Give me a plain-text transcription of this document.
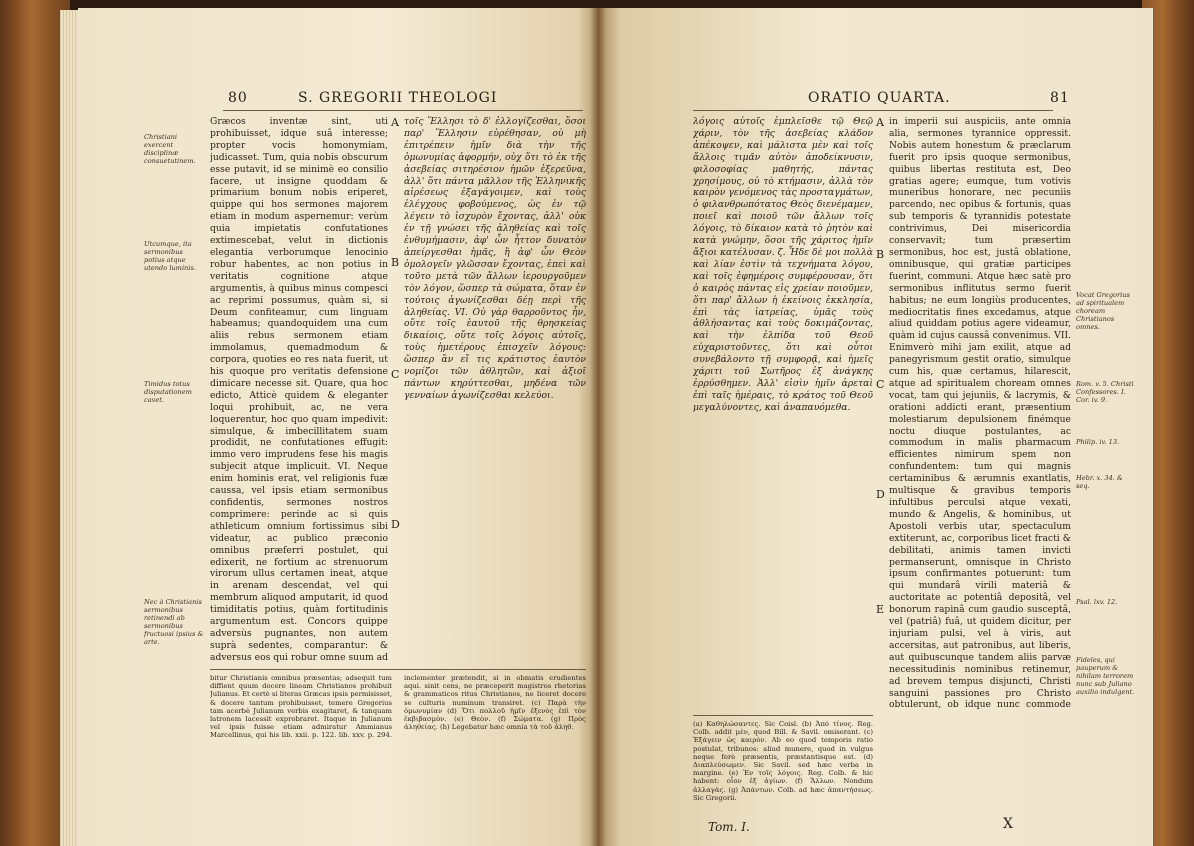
80	S. GREGORII THEOLOGI
Christiani exercent disciplinæ consuetutinem.
Utcumque, ita sermonibus potius atque utendo luminis.
Timidus totus disputationem cavet.
Nec à Christianis sermonibus retinendi ab sermonibus fructuosi ipsius & arte.
Græcos inventæ sint, uti prohibuisset, idque suâ interesse; propter vocis homonymiam, judicasset. Tum, quia nobis obscurum esse putavit, id se minimè eo consilio facere, ut insigne quoddam & primarium bonum nobis eriperet, quippe qui hos sermones majorem etiam in modum aspernemur: verùm quia impietatis confutationes extimescebat, velut in dictionis elegantia verborumque lenocinio robur habentes, ac non potius in veritatis cognitione atque argumentis, à quibus minus compesci ac reprimi possumus, quàm si, si Deum confiteamur, cum linguam habeamus; quandoquidem una cum aliis rebus sermonem etiam immolamus, quemadmodum & corpora, quoties eo res nata fuerit, ut his quoque pro veritatis defensione dimicare necesse sit. Quare, qua hoc edicto, Atticè quidem & eleganter loqui prohibuit, ac, ne vera loquerentur, hoc quo quam impedivit: simulque, & imbecillitatem suam prodidit, ne confutationes effugit: immo vero imprudens fese his magis subjecit atque implicuit. VI. Neque enim hominis erat, vel religionis fuæ caussa, vel ipsis etiam sermonibus confidentis, sermones nostros comprimere: perinde ac si quis athleticum omnium fortissimus sibi videatur, ac publico præconio omnibus præferri postulet, qui edixerit, ne fortium ac strenuorum virorum ullus certamen ineat, atque in arenam descendat, vel qui membrum aliquod amputarit, id quod timiditatis potius, quàm fortitudinis argumentum est. Concors quippe adversùs pugnantes, non autem suprà sedentes, comparantur: & adversus eos qui robur omne suum ad
A
B
C
D
τοῖς Ἕλλησι τὸ δ' ἐλλογίζεσθαι, ὅσοι παρ' Ἕλλησιν εὑρέθησαν, οὐ μὴ ἐπιτρέπειν ἡμῖν διὰ τὴν τῆς ὁμωνυμίας ἀφορμήν, οὐχ ὅτι τὸ ἐκ τῆς ἀσεβείας σιτηρέσιον ἡμῶν ἐξερεῦνα, ἀλλ' ὅτι πάντα μᾶλλον τῆς Ἑλληνικῆς αἱρέσεως ἐξαγάγοιμεν, καὶ τοὺς ἐλέγχους φοβούμενος, ὡς ἐν τῷ λέγειν τὸ ἰσχυρὸν ἔχοντας, ἀλλ' οὐκ ἐν τῇ γνώσει τῆς ἀληθείας καὶ τοῖς ἐνθυμήμασιν, ἀφ' ὧν ἧττον δυνατὸν ἀπείργεσθαι ἡμᾶς, ἢ ἀφ' ὧν Θεὸν ὁμολογεῖν γλῶσσαν ἔχοντας, ἐπεὶ καὶ τοῦτο μετὰ τῶν ἄλλων ἱερουργοῦμεν τὸν λόγον, ὥσπερ τὰ σώματα, ὅταν ἐν τούτοις ἀγωνίζεσθαι δέῃ περὶ τῆς ἀληθείας. VI. Οὐ γὰρ θαρροῦντος ἦν, οὔτε τοῖς ἑαυτοῦ τῆς θρησκείας δικαίοις, οὔτε τοῖς λόγοις αὐτοῖς, τοὺς ἡμετέρους ἐπισχεῖν λόγους: ὥσπερ ἂν εἴ τις κράτιστος ἑαυτὸν νομίζοι τῶν ἀθλητῶν, καὶ ἀξιοῖ πάντων κηρύττεσθαι, μηδένα τῶν γενναίων ἀγωνίζεσθαι κελεύοι.
bitur Christianis omnibus præsentas; adsequit tum diffient quum docere lineam Christianos prohibuit Julianus. Et certè si literas Græcas ipsis permisisset, & docere tantum prohibuisset, temere Gregorius tam acerbè Julianum verbis exagitaret, & tanquam latronem lacessit exprobraret. Itaque in Julianum vel ipsis fuisse etiam admiratur Ammianus Marcellinus, qui his lib. xxii. p. 122. lib. xxv. p. 294. inclementer prætendit, si in obmatis erudientes aqui. sinit cens, ne præceperit magistros rhetorias & grammaticos ritus Christianos, ne liceret docere se culturis numinum transiret. (c) Παρὰ τὴν ὁμωνυμίαν (d) Ὅτι πολλοῦ ἡμῖν ἐξενὸς ἐπὶ τὸν ἐκβιβασμὸν. (e) Θεὸν. (f) Σώματα. (g) Πρὸς ἀληθείας. (h) Legebatur hæc omnia τὰ τοῦ ἀληθ.
ORATIO QUARTA.	81
λόγοις αὐτοῖς ἐμπλεῖσθε τῷ Θεῷ χάριν, τὸν τῆς ἀσεβείας κλάδον ἀπέκοψεν, καὶ μάλιστα μὲν καὶ τοῖς ἄλλοις τιμᾶν αὐτὸν ἀποδείκνυσιν, φιλοσοφίας μαθητής, πάντας χρησίμους, οὐ τὸ κτήμασιν, ἀλλὰ τὸν καιρὸν γενόμενος τὰς προσταγμάτων, ὁ φιλανθρωπότατος Θεὸς διενέμαμεν, ποιεῖ καὶ ποιοῦ τῶν ἄλλων τοῖς λόγοις, τὸ δίκαιον κατὰ τὸ ῥητὸν καὶ κατὰ γνώμην, ὅσοι τῆς χάριτος ἡμῖν ἄξιοι κατέλυσαν. ζ. Ἧδε δὲ μοι πολλὰ καὶ λίαν ἐστὶν τὰ τεχνήματα λόγου, καὶ τοῖς ἐφημέροις συμφέρουσαν, ὅτι ὁ καιρὸς πάντας εἰς χρείαν ποιοῦμεν, ὅτι παρ' ἄλλων ἡ ἐκείνοις ἐκκλησία, ἐπὶ τὰς ἰατρείας, ὑμᾶς τοὺς ἀθλήσαντας καὶ τοὺς δοκιμάζοντας, καὶ τὴν ἐλπίδα τοῦ Θεοῦ εὐχαριστοῦντες, ὅτι καὶ οὗτοι συνεβάλοντο τῇ συμφορᾷ, καὶ ἡμεῖς χάριτι τοῦ Σωτῆρος ἐξ ἀνάγκης ἐρρύσθημεν. Ἀλλ' εἰσὶν ἡμῖν ἀρεταὶ ἐπὶ ταῖς ἡμέραις, τὸ κράτος τοῦ Θεοῦ μεγαλύνοντες, καὶ ἀναπαυόμεθα.
A
B
C
D
E
in imperii sui auspiciis, ante omnia alia, sermones tyrannice oppressit. Nobis autem honestum & præclarum fuerit pro ipsis quoque sermonibus, quibus libertas restituta est, Deo gratias agere; eumque, tum votivis muneribus honorare, nec pecuniis parcendo, nec opibus & fortunis, quas sub temporis & tyrannidis potestate contrivimus, Dei misericordia conservavit; tum præsertim sermonibus, hoc est, justâ oblatione, omnibusque, qui gratiæ participes fuerint, communi. Atque hæc satè pro sermonibus inflitutus sermo fuerit habitus; ne eum longiùs producentes, mediocritatis fines excedamus, atque aliud quiddam potius agere videamur, quàm id cujus caussâ convenimus. VII. Enimverò mihi jam exilit, atque ad panegyrismum gestit oratio, simulque cum his, quæ certamus, hilarescit, atque ad spiritualem choream omnes vocat, tam qui jejuniis, & lacrymis, & orationi addicti erant, præsentium molestiarum depulsionem finémque noctu diuque postulantes, ac commodum in malis pharmacum efficientes nimirum spem non confundentem: tum qui magnis certaminibus & ærumnis exantlatis, multisque & gravibus temporis infultibus perculsi atque vexati, mundo & Angelis, & hominibus, ut Apostoli verbis utar, spectaculum extiterunt, ac, corporibus licet fracti & debilitati, animis tamen invicti permanserunt, omnisque in Christo ipsum confirmantes potuerunt: tum qui mundarâ virili materiâ & auctoritate ac potentiâ depositâ, vel bonorum rapinâ cum gaudio susceptâ, vel (patriâ) fuâ, ut quidem dicitur, per injuriam pulsi, vel à viris, aut accersitas, aut patronibus, aut liberis, aut quibuscunque tandem aliis parvæ necessitudinis nominibus retinemur, ad brevem tempus disjuncti, Christi sanguini passiones pro Christo obtulerunt, ob idque nunc commode
Vocat Gregorius ad spiritualem choream Christianos omnes.
Rom. v. 5. Christi Confessores. I. Cor. iv. 9.
Philip. iv. 13.
Hebr. x. 34. & seq.
Psal. lxv. 12.
Fideles, qui pauperum & nihilam terrorem nunc sub Juliano auxilio indulgent.
(a) Καθηλώσαντες. Sic Coisl. (b) Ἀπό τίνος. Reg. Colb. addit μὲν, quod Bill. & Savil. omiserant. (c) Ἐξάγειν ὡς καιρὸν. Ab eo quod temporis ratio postulat, tribunos: aliud munere, quod in vulgus neque ferè præsentis, præstantisque est. (d) Διαπλεύσωμεν. Sic Savil. sed hæc verba in margine. (e) Ἐν τοῖς λόγοις. Reg. Colb. & hic habent: οἷον ἐξ ἁγίων. (f) Ἄλλων. Nondum ἀλλαγὰς. (g) Ἀπάντων. Colb. ad hæc ἀπαντήσεως. Sic Gregorii.
Tom. I.	X
